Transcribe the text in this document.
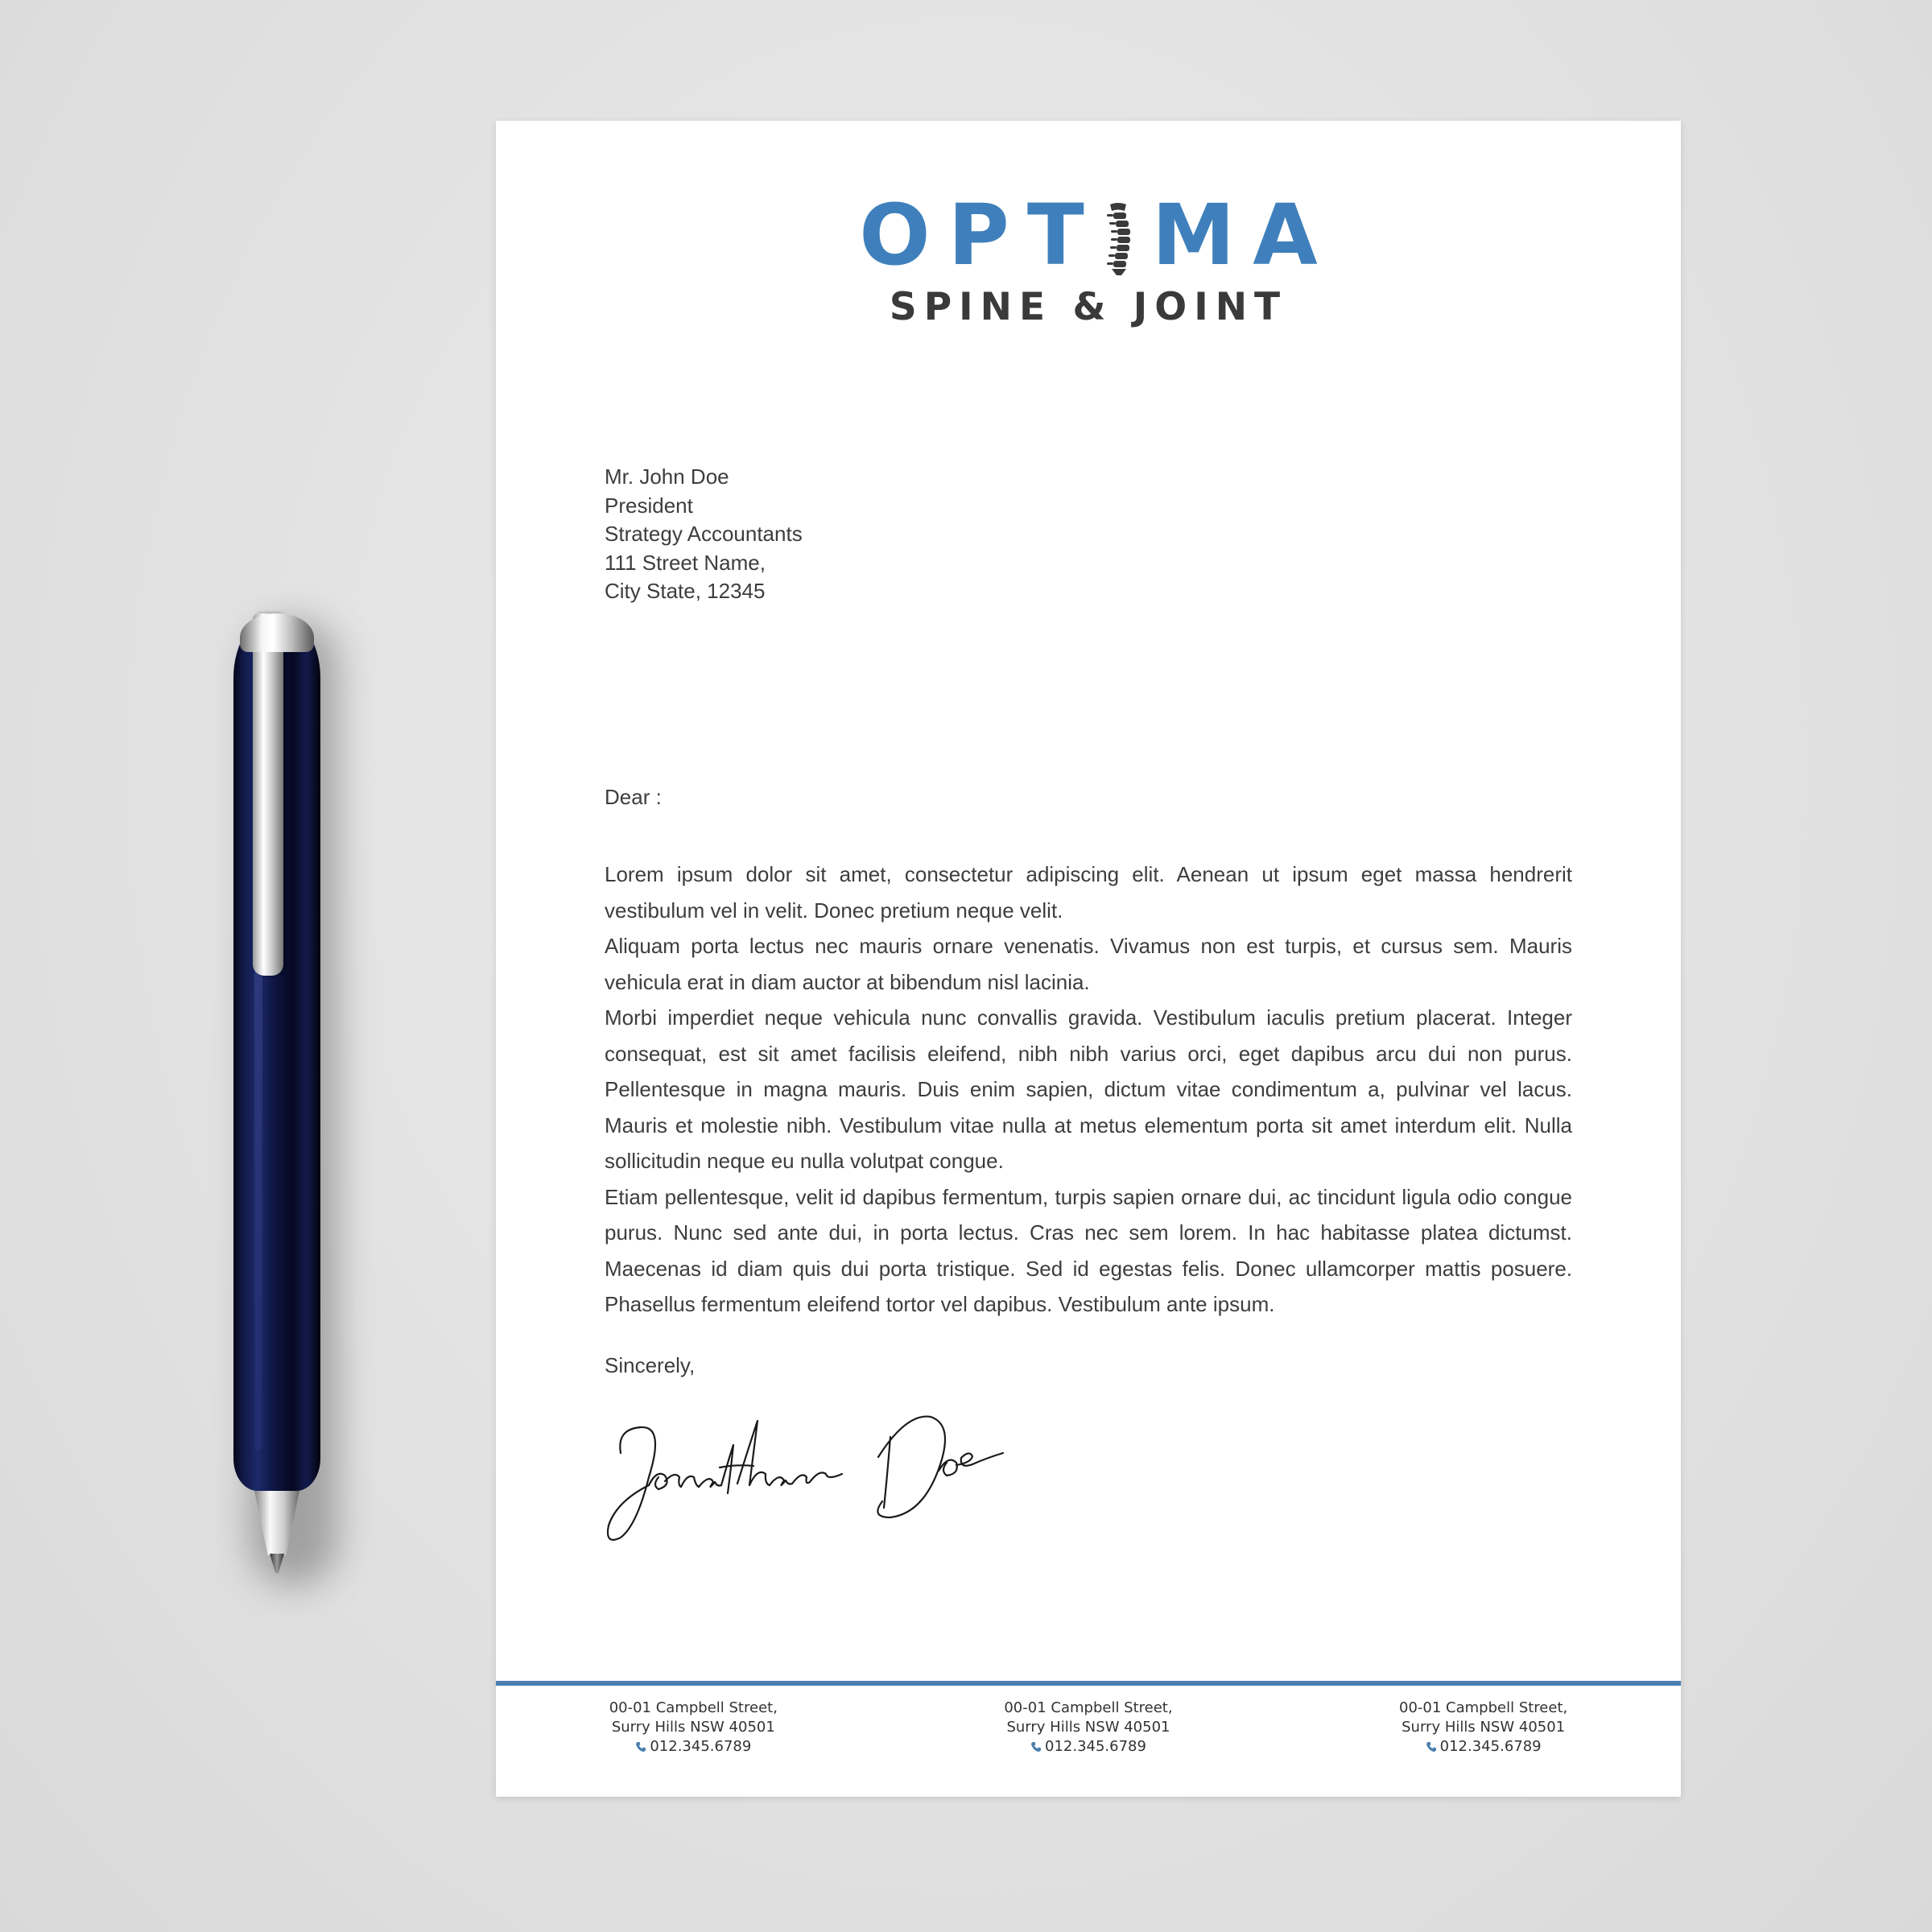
OPT MA
SPINE & JOINT
Mr. John Doe
President
Strategy Accountants
111 Street Name,
City State, 12345
Dear :

Lorem ipsum dolor sit amet, consectetur adipiscing elit. Aenean ut ipsum eget massa hendrerit vestibulum vel in velit. Donec pretium neque velit.

Aliquam porta lectus nec mauris ornare venenatis. Vivamus non est turpis, et cursus sem. Mauris vehicula erat in diam auctor at bibendum nisl lacinia.

Morbi imperdiet neque vehicula nunc convallis gravida. Vestibulum iaculis pretium placerat. Integer consequat, est sit amet facilisis eleifend, nibh nibh varius orci, eget dapibus arcu dui non purus. Pellentesque in magna mauris. Duis enim sapien, dictum vitae condimentum a, pulvinar vel lacus. Mauris et molestie nibh. Vestibulum vitae nulla at metus elementum porta sit amet interdum elit. Nulla sollicitudin neque eu nulla volutpat congue.

Etiam pellentesque, velit id dapibus fermentum, turpis sapien ornare dui, ac tincidunt ligula odio congue purus. Nunc sed ante dui, in porta lectus. Cras nec sem lorem. In hac habitasse platea dictumst. Maecenas id diam quis dui porta tristique. Sed id egestas felis. Donec ullamcorper mattis posuere. Phasellus fermentum eleifend tortor vel dapibus. Vestibulum ante ipsum.

Sincerely,
00-01 Campbell Street,
Surry Hills NSW 40501
012.345.6789
00-01 Campbell Street,
Surry Hills NSW 40501
012.345.6789
00-01 Campbell Street,
Surry Hills NSW 40501
012.345.6789
